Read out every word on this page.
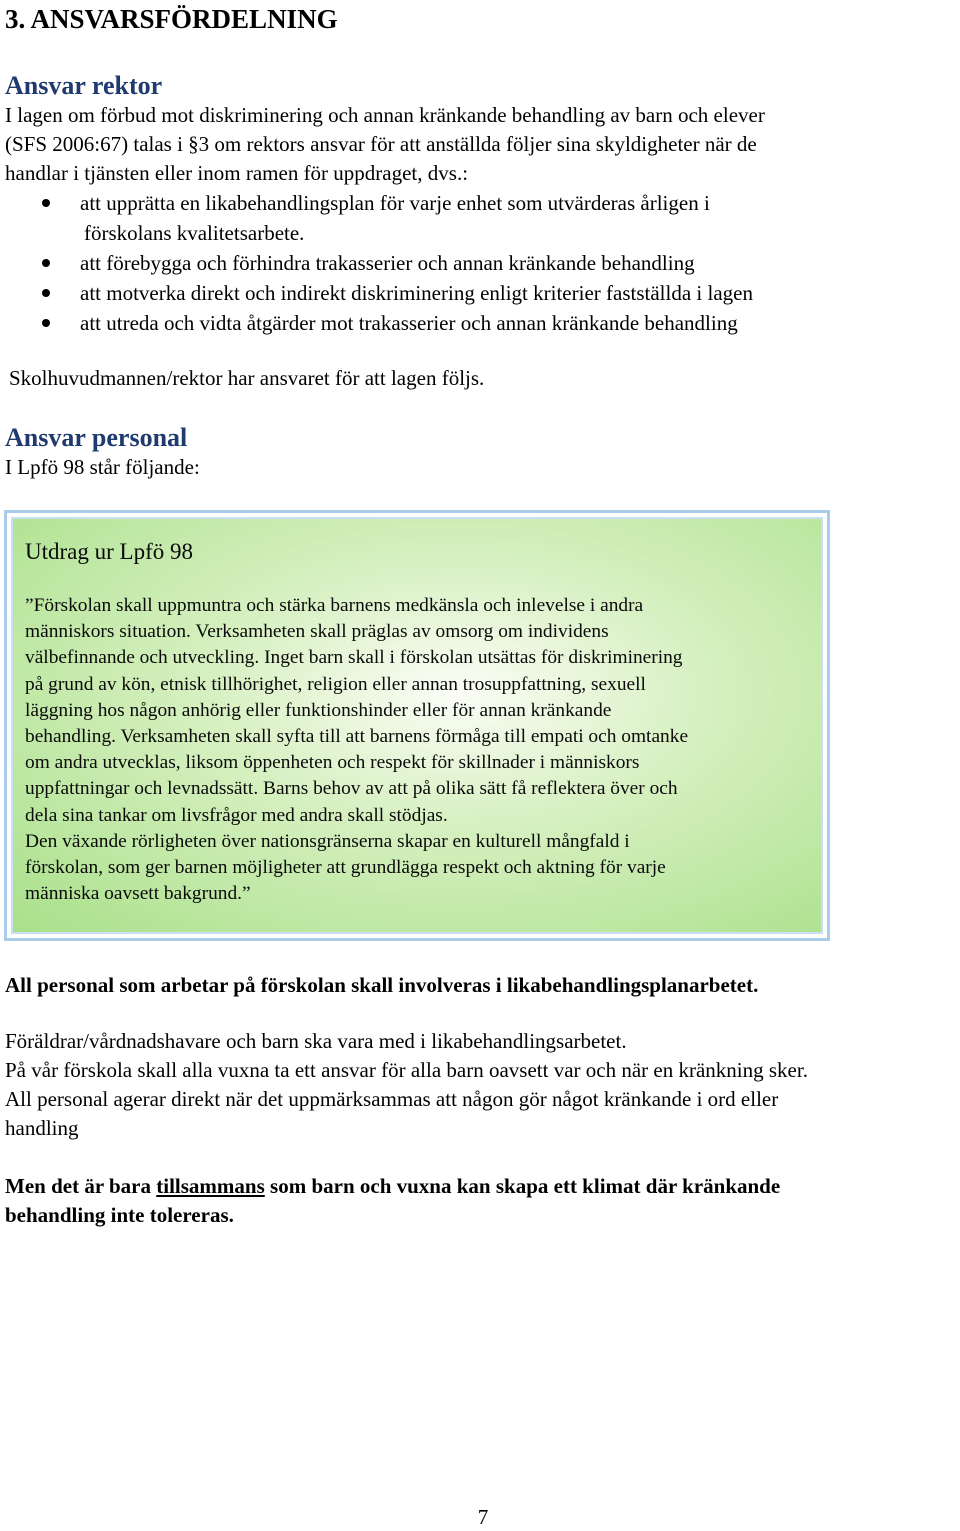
3. ANSVARSFÖRDELNING
Ansvar rektor
I lagen om förbud mot diskriminering och annan kränkande behandling av barn och elever
(SFS 2006:67) talas i §3 om rektors ansvar för att anställda följer sina skyldigheter när de
handlar i tjänsten eller inom ramen för uppdraget, dvs.:
att upprätta en likabehandlingsplan för varje enhet som utvärderas årligen i
förskolans kvalitetsarbete.
att förebygga och förhindra trakasserier och annan kränkande behandling
att motverka direkt och indirekt diskriminering enligt kriterier fastställda i lagen
att utreda och vidta åtgärder mot trakasserier och annan kränkande behandling

Skolhuvudmannen/rektor har ansvaret för att lagen följs.

Ansvar personal

I Lpfö 98 står följande:

Utdrag ur Lpfö 98
”Förskolan skall uppmuntra och stärka barnens medkänsla och inlevelse i andra
människors situation. Verksamheten skall präglas av omsorg om individens
välbefinnande och utveckling. Inget barn skall i förskolan utsättas för diskriminering
på grund av kön, etnisk tillhörighet, religion eller annan trosuppfattning, sexuell
läggning hos någon anhörig eller funktionshinder eller för annan kränkande
behandling. Verksamheten skall syfta till att barnens förmåga till empati och omtanke
om andra utvecklas, liksom öppenheten och respekt för skillnader i människors
uppfattningar och levnadssätt. Barns behov av att på olika sätt få reflektera över och
dela sina tankar om livsfrågor med andra skall stödjas.
Den växande rörligheten över nationsgränserna skapar en kulturell mångfald i
förskolan, som ger barnen möjligheter att grundlägga respekt och aktning för varje
människa oavsett bakgrund.”

All personal som arbetar på förskolan skall involveras i likabehandlingsplanarbetet.

Föräldrar/vårdnadshavare och barn ska vara med i likabehandlingsarbetet.
På vår förskola skall alla vuxna ta ett ansvar för alla barn oavsett var och när en kränkning sker.
All personal agerar direkt när det uppmärksammas att någon gör något kränkande i ord eller
handling
Men det är bara tillsammans som barn och vuxna kan skapa ett klimat där kränkande
behandling inte tolereras.
7
